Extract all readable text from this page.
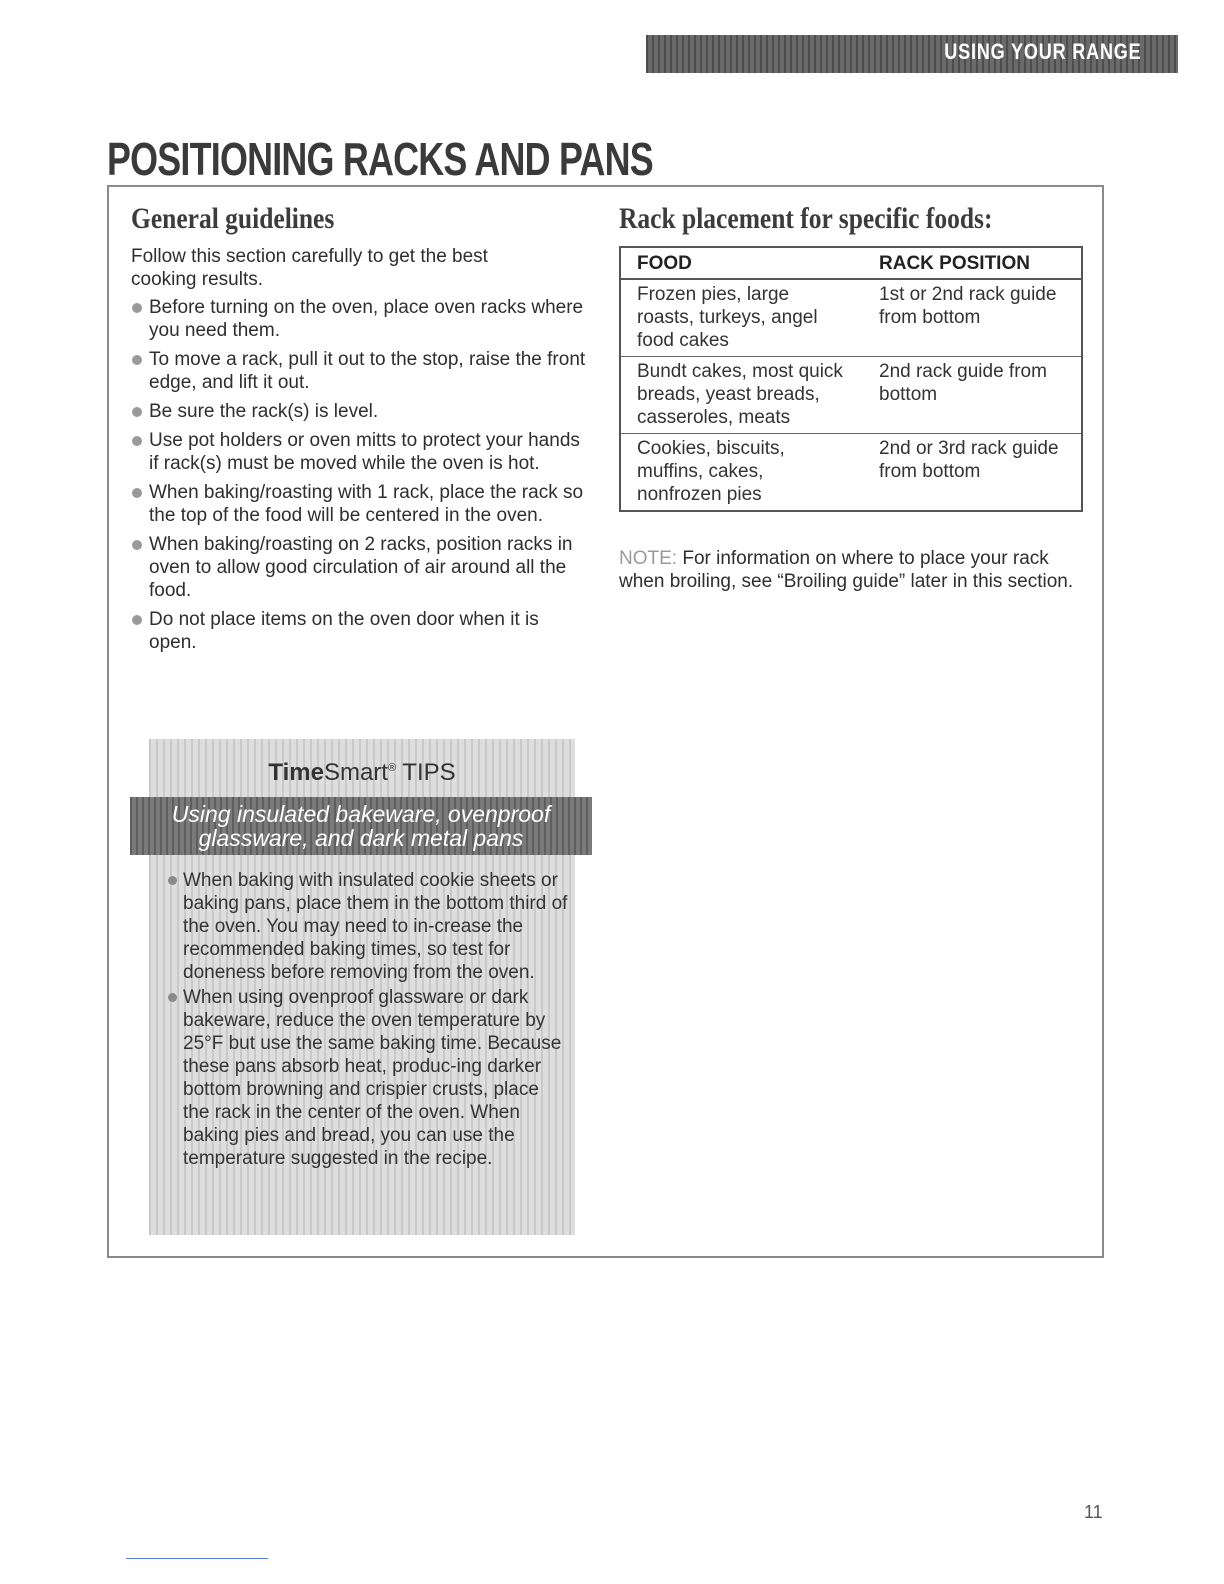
USING YOUR RANGE
POSITIONING RACKS AND PANS
General guidelines

Follow this section carefully to get the best cooking results.

Before turning on the oven, place oven racks where you need them.
To move a rack, pull it out to the stop, raise the front edge, and lift it out.
Be sure the rack(s) is level.
Use pot holders or oven mitts to protect your hands if rack(s) must be moved while the oven is hot.
When baking/roasting with 1 rack, place the rack so the top of the food will be centered in the oven.
When baking/roasting on 2 racks, position racks in oven to allow good circulation of air around all the food.
Do not place items on the oven door when it is open.
Rack placement for specific foods:
FOOD	RACK POSITION
Frozen pies, large roasts, turkeys, angel food cakes	1st or 2nd rack guide from bottom
Bundt cakes, most quick breads, yeast breads, casseroles, meats	2nd rack guide from bottom
Cookies, biscuits, muffins, cakes, nonfrozen pies	2nd or 3rd rack guide from bottom

NOTE: For information on where to place your rack when broiling, see “Broiling guide” later in this section.

TimeSmart® TIPS
Using insulated bakeware, ovenproof glassware, and dark metal pans
When baking with insulated cookie sheets or baking pans, place them in the bottom third of the oven. You may need to in-crease the recommended baking times, so test for doneness before removing from the oven.
When using ovenproof glassware or dark bakeware, reduce the oven temperature by 25°F but use the same baking time. Because these pans absorb heat, produc-ing darker bottom browning and crispier crusts, place the rack in the center of the oven. When baking pies and bread, you can use the temperature suggested in the recipe.
11
